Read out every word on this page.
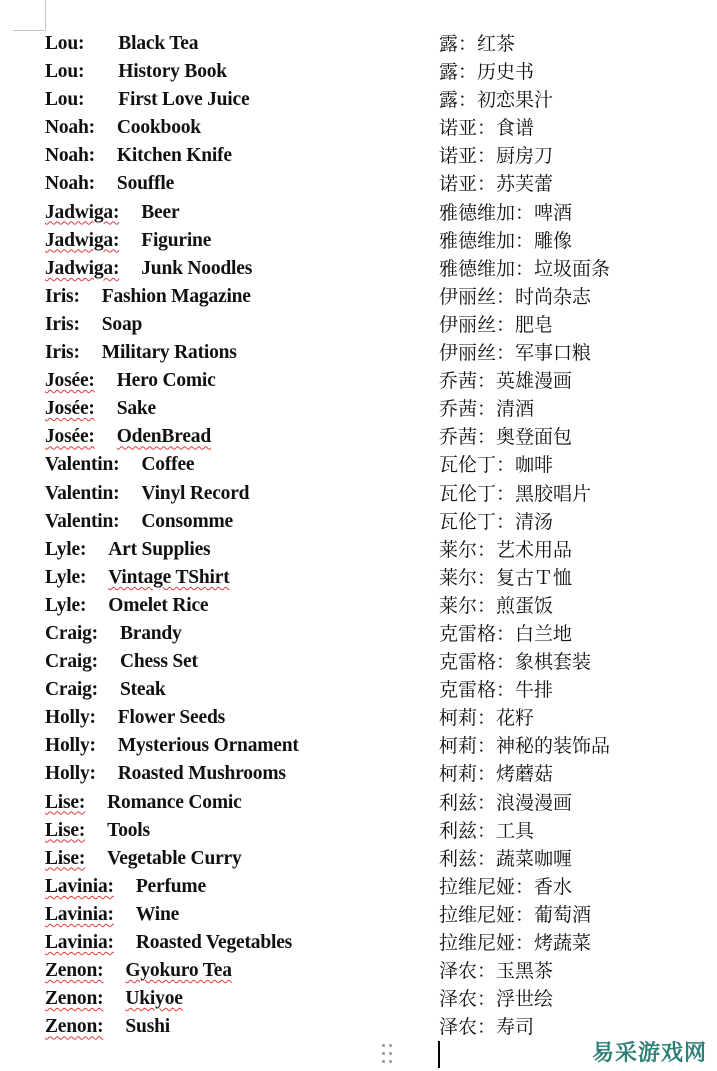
Lou: Black Tea
Lou: History Book
Lou: First Love Juice
Noah: Cookbook
Noah: Kitchen Knife
Noah: Souffle
Jadwiga: Beer
Jadwiga: Figurine
Jadwiga: Junk Noodles
Iris: Fashion Magazine
Iris: Soap
Iris: Military Rations
Josée: Hero Comic
Josée: Sake
Josée: OdenBread
Valentin: Coffee
Valentin: Vinyl Record
Valentin: Consomme
Lyle: Art Supplies
Lyle: Vintage TShirt
Lyle: Omelet Rice
Craig: Brandy
Craig: Chess Set
Craig: Steak
Holly: Flower Seeds
Holly: Mysterious Ornament
Holly: Roasted Mushrooms
Lise: Romance Comic
Lise: Tools
Lise: Vegetable Curry
Lavinia: Perfume
Lavinia: Wine
Lavinia: Roasted Vegetables
Zenon: Gyokuro Tea
Zenon: Ukiyoe
Zenon: Sushi
露：红茶
露：历史书
露：初恋果汁
诺亚：食谱
诺亚：厨房刀
诺亚：苏芙蕾
雅德维加：啤酒
雅德维加：雕像
雅德维加：垃圾面条
伊丽丝：时尚杂志
伊丽丝：肥皂
伊丽丝：军事口粮
乔茜：英雄漫画
乔茜：清酒
乔茜：奥登面包
瓦伦丁：咖啡
瓦伦丁：黑胶唱片
瓦伦丁：清汤
莱尔：艺术用品
莱尔：复古Ｔ恤
莱尔：煎蛋饭
克雷格：白兰地
克雷格：象棋套装
克雷格：牛排
柯莉：花籽
柯莉：神秘的装饰品
柯莉：烤蘑菇
利兹：浪漫漫画
利兹：工具
利兹：蔬菜咖喱
拉维尼娅：香水
拉维尼娅：葡萄酒
拉维尼娅：烤蔬菜
泽农：玉黑茶
泽农：浮世绘
泽农：寿司
易采游戏网
